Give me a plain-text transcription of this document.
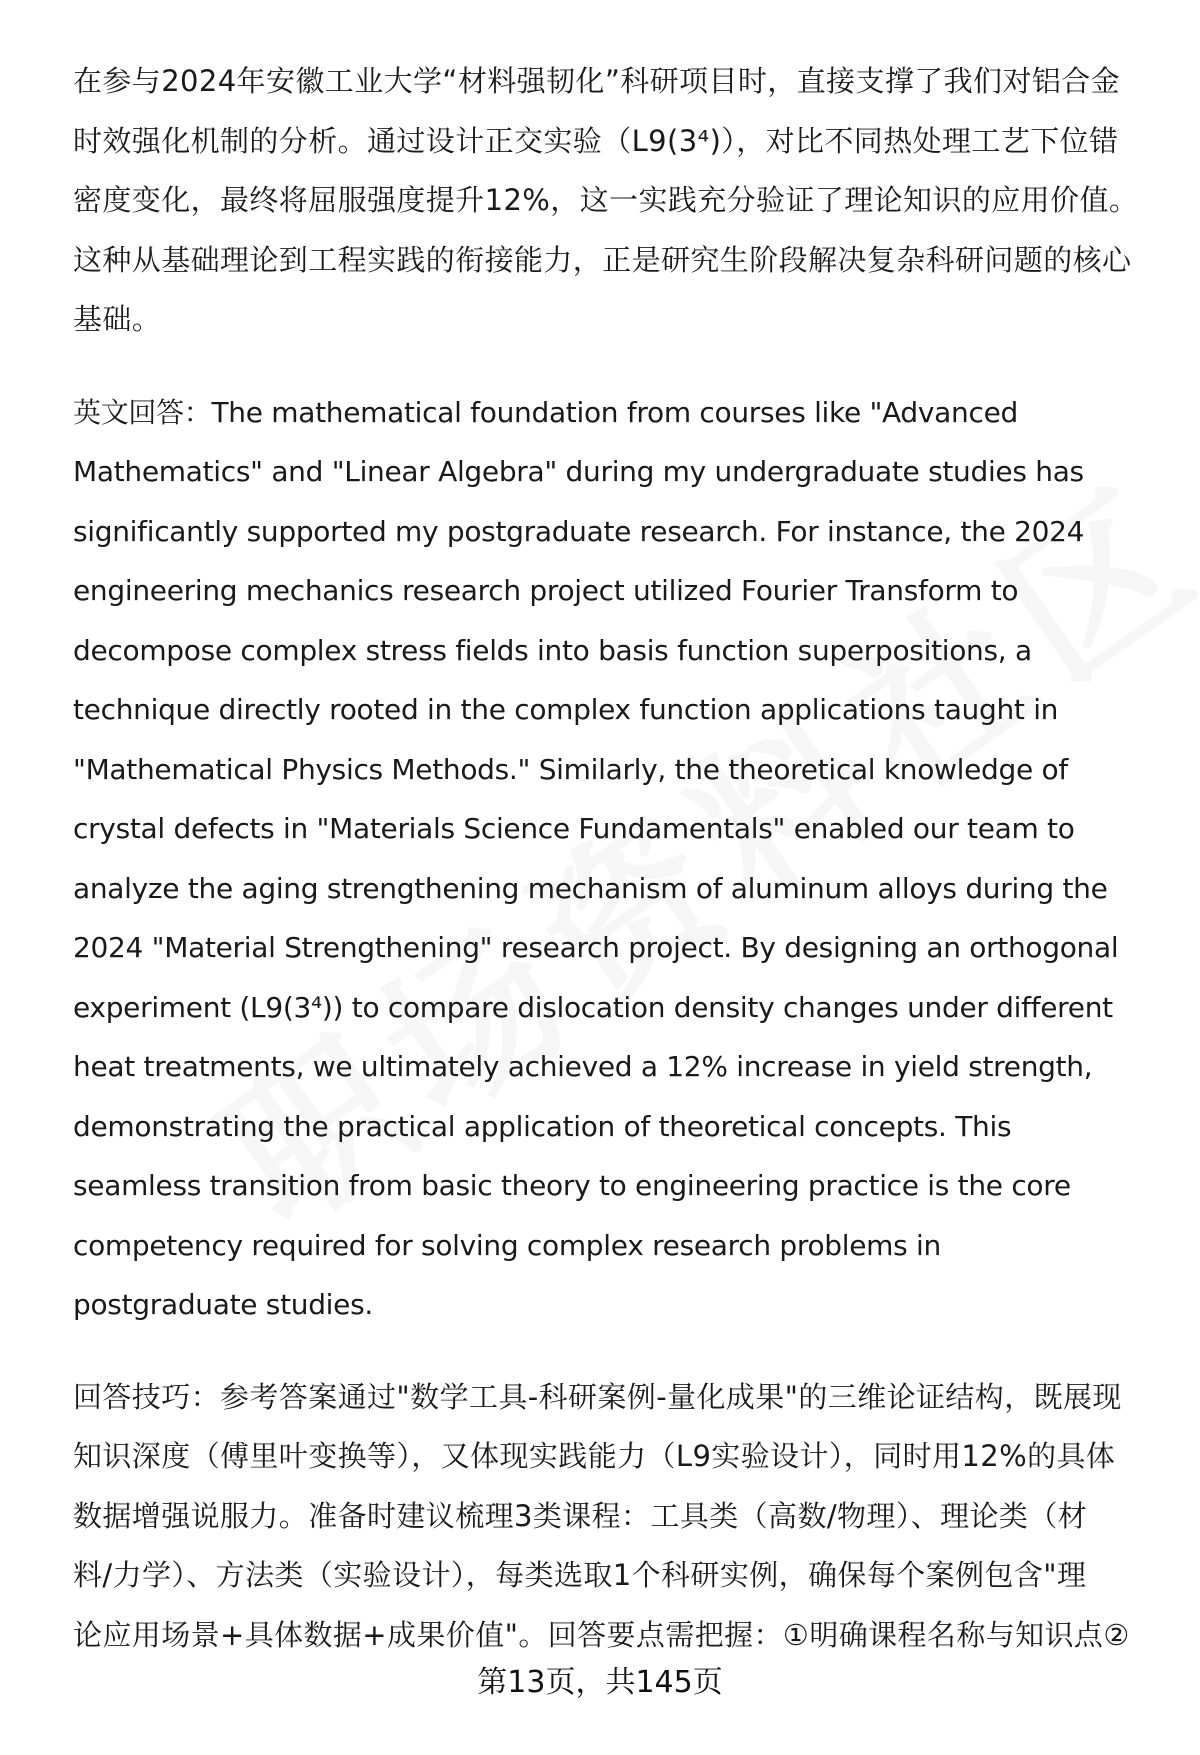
在参与2024年安徽工业大学“材料强韧化”科研项目时，直接支撑了我们对铝合金
时效强化机制的分析。通过设计正交实验（L9(3⁴)），对比不同热处理工艺下位错
密度变化，最终将屈服强度提升12%，这一实践充分验证了理论知识的应用价值。
这种从基础理论到工程实践的衔接能力，正是研究生阶段解决复杂科研问题的核心
基础。

英文回答：The mathematical foundation from courses like "Advanced
Mathematics" and "Linear Algebra" during my undergraduate studies has
significantly supported my postgraduate research. For instance, the 2024
engineering mechanics research project utilized Fourier Transform to
decompose complex stress fields into basis function superpositions, a
technique directly rooted in the complex function applications taught in
"Mathematical Physics Methods." Similarly, the theoretical knowledge of
crystal defects in "Materials Science Fundamentals" enabled our team to
analyze the aging strengthening mechanism of aluminum alloys during the
2024 "Material Strengthening" research project. By designing an orthogonal
experiment (L9(3⁴)) to compare dislocation density changes under different
heat treatments, we ultimately achieved a 12% increase in yield strength,
demonstrating the practical application of theoretical concepts. This
seamless transition from basic theory to engineering practice is the core
competency required for solving complex research problems in
postgraduate studies.

回答技巧：参考答案通过"数学工具-科研案例-量化成果"的三维论证结构，既展现
知识深度（傅里叶变换等），又体现实践能力（L9实验设计），同时用12%的具体
数据增强说服力。准备时建议梳理3类课程：工具类（高数/物理）、理论类（材
料/力学）、方法类（实验设计），每类选取1个科研实例，确保每个案例包含"理
论应用场景+具体数据+成果价值"。回答要点需把握：①明确课程名称与知识点②

第13页，共145页
